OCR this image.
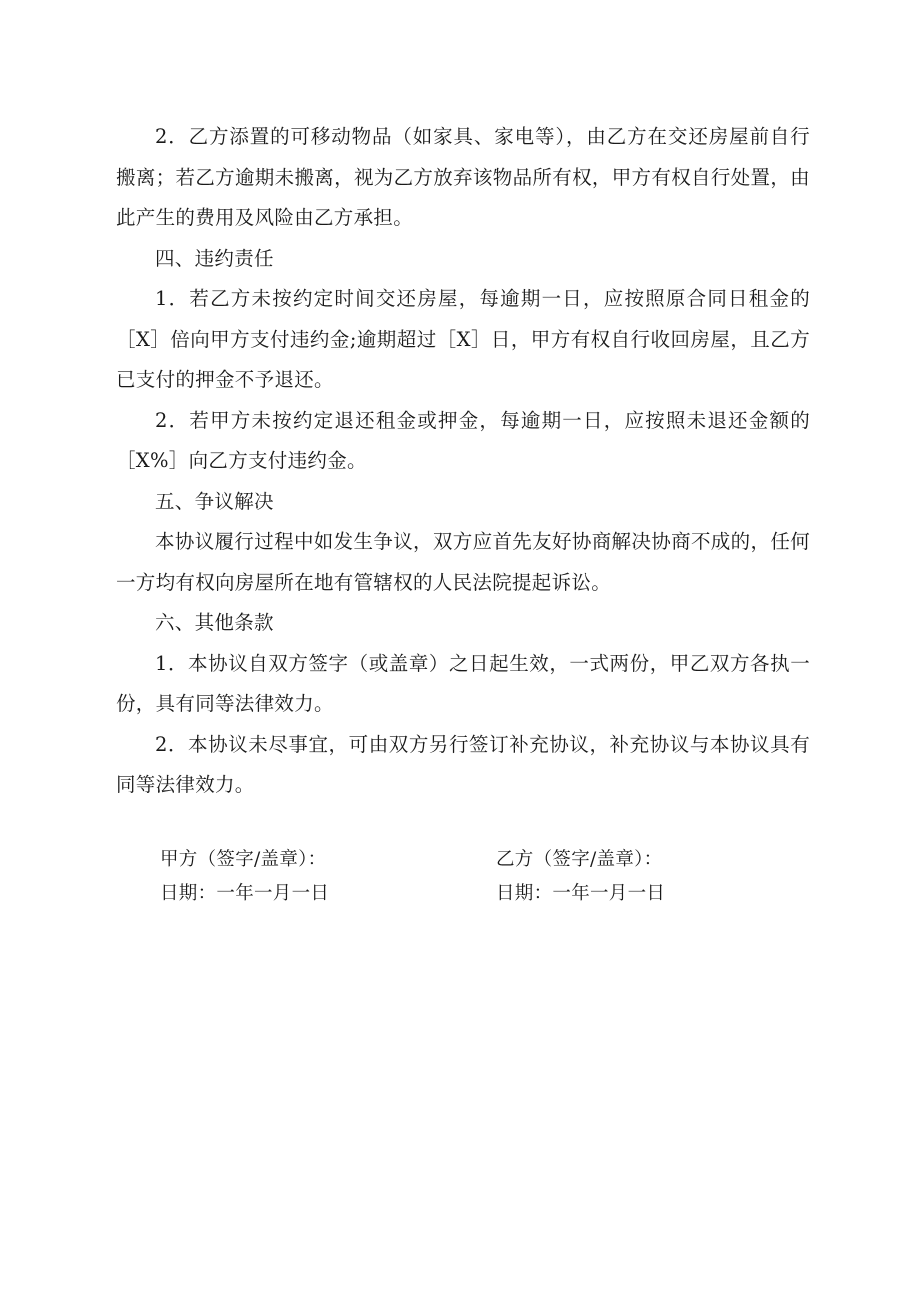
2．乙方添置的可移动物品（如家具、家电等），由乙方在交还房屋前自行搬离；若乙方逾期未搬离，视为乙方放弃该物品所有权，甲方有权自行处置，由此产生的费用及风险由乙方承担。

四、违约责任

1．若乙方未按约定时间交还房屋，每逾期一日，应按照原合同日租金的［X］倍向甲方支付违约金;逾期超过［X］日，甲方有权自行收回房屋，且乙方已支付的押金不予退还。

2．若甲方未按约定退还租金或押金，每逾期一日，应按照未退还金额的［X%］向乙方支付违约金。

五、争议解决

本协议履行过程中如发生争议，双方应首先友好协商解决协商不成的，任何一方均有权向房屋所在地有管辖权的人民法院提起诉讼。

六、其他条款

1．本协议自双方签字（或盖章）之日起生效，一式两份，甲乙双方各执一份，具有同等法律效力。

2．本协议未尽事宜，可由双方另行签订补充协议，补充协议与本协议具有同等法律效力。

甲方（签字/盖章）：	乙方（签字/盖章）：
日期：一年一月一日	日期：一年一月一日
